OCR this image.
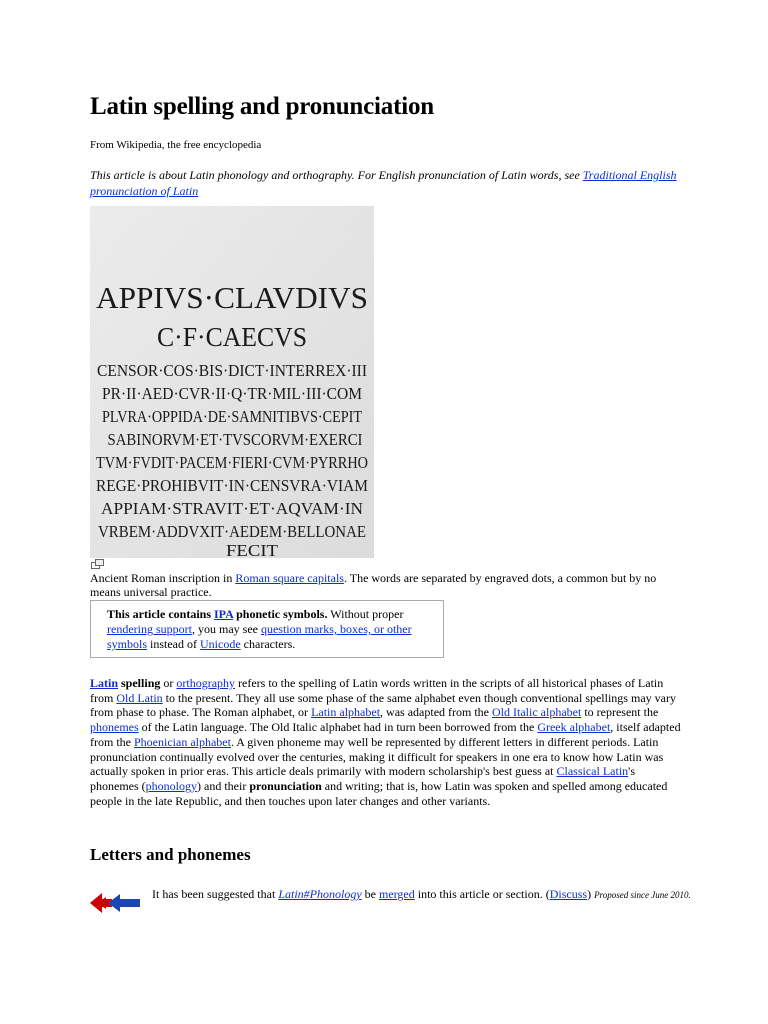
Latin spelling and pronunciation
From Wikipedia, the free encyclopedia
This article is about Latin phonology and orthography. For English pronunciation of Latin words, see Traditional English pronunciation of Latin
APPIVS·CLAVDIVS
C·F·CAECVS
CENSOR·COS·BIS·DICT·INTERREX·III
PR·II·AED·CVR·II·Q·TR·MIL·III·COM
PLVRA·OPPIDA·DE·SAMNITIBVS·CEPIT
SABINORVM·ET·TVSCORVM·EXERCI
TVM·FVDIT·PACEM·FIERI·CVM·PYRRHO
REGE·PROHIBVIT·IN·CENSVRA·VIAM
APPIAM·STRAVIT·ET·AQVAM·IN
VRBEM·ADDVXIT·AEDEM·BELLONAE
FECIT
Ancient Roman inscription in Roman square capitals. The words are separated by engraved dots, a common but by no means universal practice.
This article contains IPA phonetic symbols. Without proper rendering support, you may see question marks, boxes, or other symbols instead of Unicode characters.
Latin spelling or orthography refers to the spelling of Latin words written in the scripts of all historical phases of Latin from Old Latin to the present. They all use some phase of the same alphabet even though conventional spellings may vary from phase to phase. The Roman alphabet, or Latin alphabet, was adapted from the Old Italic alphabet to represent the phonemes of the Latin language. The Old Italic alphabet had in turn been borrowed from the Greek alphabet, itself adapted from the Phoenician alphabet. A given phoneme may well be represented by different letters in different periods. Latin pronunciation continually evolved over the centuries, making it difficult for speakers in one era to know how Latin was actually spoken in prior eras. This article deals primarily with modern scholarship's best guess at Classical Latin's phonemes (phonology) and their pronunciation and writing; that is, how Latin was spoken and spelled among educated people in the late Republic, and then touches upon later changes and other variants.
Letters and phonemes
It has been suggested that Latin#Phonology be merged into this article or section. (Discuss) Proposed since June 2010.
